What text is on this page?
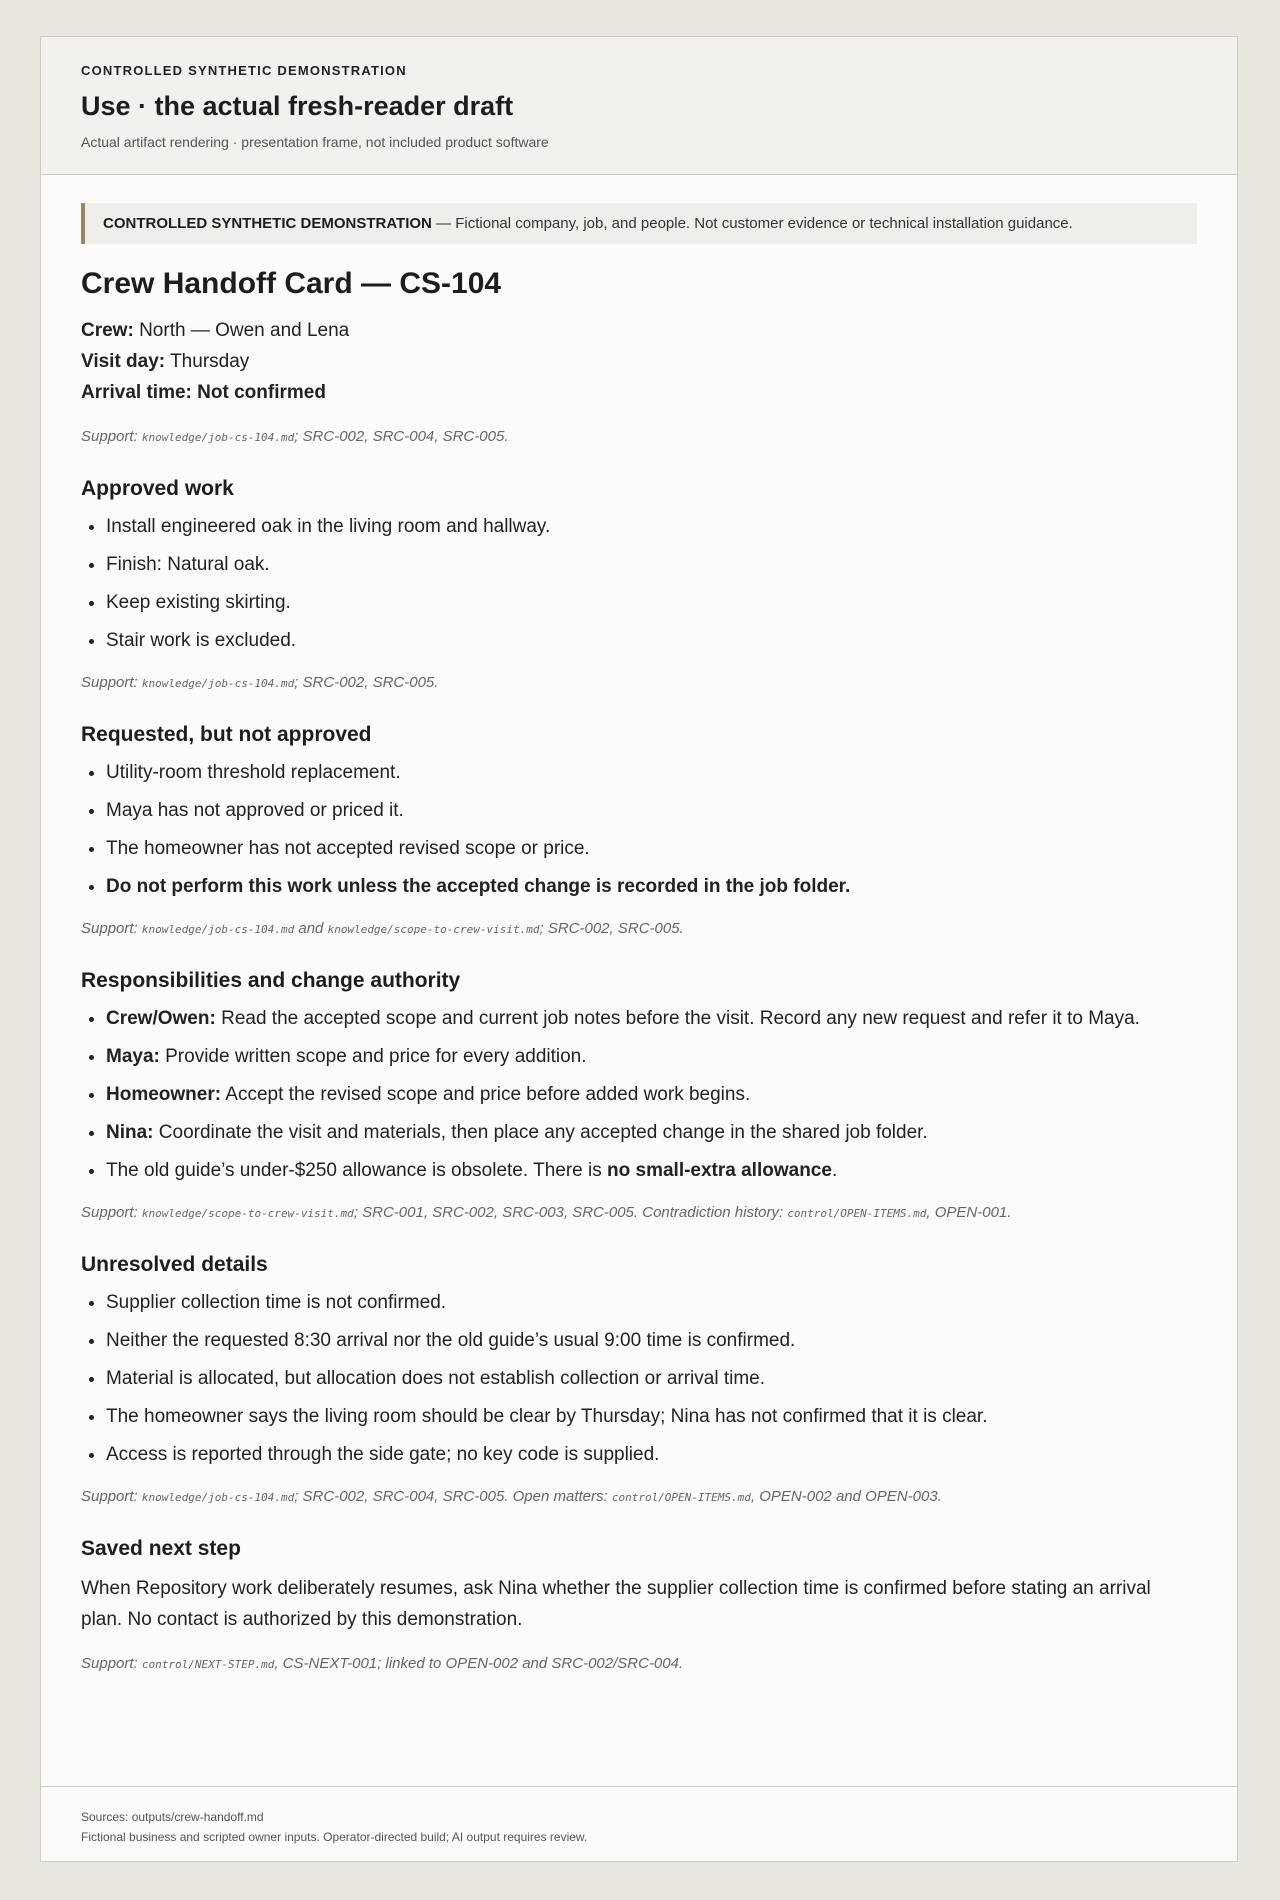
CONTROLLED SYNTHETIC DEMONSTRATION
Use · the actual fresh-reader draft
Actual artifact rendering · presentation frame, not included product software
CONTROLLED SYNTHETIC DEMONSTRATION — Fictional company, job, and people. Not customer evidence or technical installation guidance.
Crew Handoff Card — CS-104
Crew: North — Owen and Lena
Visit day: Thursday
Arrival time: Not confirmed

Support: knowledge/job-cs-104.md; SRC-002, SRC-004, SRC-005.

Approved work
• Install engineered oak in the living room and hallway.
• Finish: Natural oak.
• Keep existing skirting.
• Stair work is excluded.

Support: knowledge/job-cs-104.md; SRC-002, SRC-005.

Requested, but not approved
• Utility-room threshold replacement.
• Maya has not approved or priced it.
• The homeowner has not accepted revised scope or price.
• Do not perform this work unless the accepted change is recorded in the job folder.

Support: knowledge/job-cs-104.md and knowledge/scope-to-crew-visit.md; SRC-002, SRC-005.

Responsibilities and change authority
• Crew/Owen: Read the accepted scope and current job notes before the visit. Record any new request and refer it to Maya.
• Maya: Provide written scope and price for every addition.
• Homeowner: Accept the revised scope and price before added work begins.
• Nina: Coordinate the visit and materials, then place any accepted change in the shared job folder.
• The old guide’s under-$250 allowance is obsolete. There is no small-extra allowance.

Support: knowledge/scope-to-crew-visit.md; SRC-001, SRC-002, SRC-003, SRC-005. Contradiction history: control/OPEN-ITEMS.md, OPEN-001.

Unresolved details
• Supplier collection time is not confirmed.
• Neither the requested 8:30 arrival nor the old guide’s usual 9:00 time is confirmed.
• Material is allocated, but allocation does not establish collection or arrival time.
• The homeowner says the living room should be clear by Thursday; Nina has not confirmed that it is clear.
• Access is reported through the side gate; no key code is supplied.

Support: knowledge/job-cs-104.md; SRC-002, SRC-004, SRC-005. Open matters: control/OPEN-ITEMS.md, OPEN-002 and OPEN-003.

Saved next step

When Repository work deliberately resumes, ask Nina whether the supplier collection time is confirmed before stating an arrival plan. No contact is authorized by this demonstration.

Support: control/NEXT-STEP.md, CS-NEXT-001; linked to OPEN-002 and SRC-002/SRC-004.

Sources: outputs/crew-handoff.md
Fictional business and scripted owner inputs. Operator-directed build; AI output requires review.
